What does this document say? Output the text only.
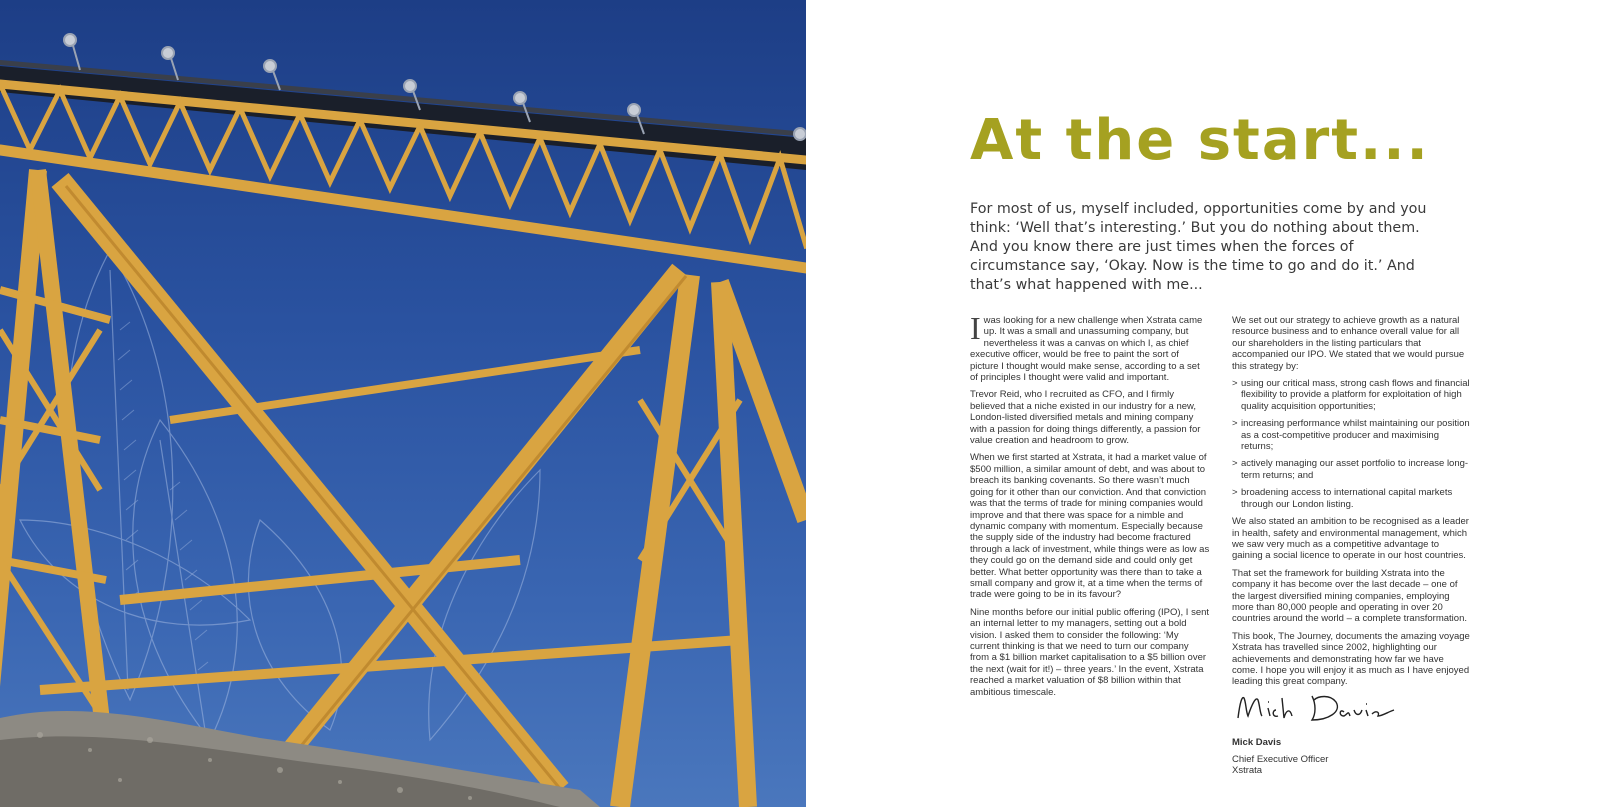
At the start...

For most of us, myself included, opportunities come by and you think: ‘Well that’s interesting.’ But you do nothing about them. And you know there are just times when the forces of circumstance say, ‘Okay. Now is the time to go and do it.’ And that’s what happened with me...

Iwas looking for a new challenge when Xstrata came up. It was a small and unassuming company, but nevertheless it was a canvas on which I, as chief executive officer, would be free to paint the sort of picture I thought would make sense, according to a set of principles I thought were valid and important.

Trevor Reid, who I recruited as CFO, and I firmly believed that a niche existed in our industry for a new, London-listed diversified metals and mining company with a passion for doing things differently, a passion for value creation and headroom to grow.

When we first started at Xstrata, it had a market value of $500 million, a similar amount of debt, and was about to breach its banking covenants. So there wasn’t much going for it other than our conviction. And that conviction was that the terms of trade for mining companies would improve and that there was space for a nimble and dynamic company with momentum. Especially because the supply side of the industry had become fractured through a lack of investment, while things were as low as they could go on the demand side and could only get better. What better opportunity was there than to take a small company and grow it, at a time when the terms of trade were going to be in its favour?

Nine months before our initial public offering (IPO), I sent an internal letter to my managers, setting out a bold vision. I asked them to consider the following: ‘My current thinking is that we need to turn our company from a $1 billion market capitalisation to a $5 billion over the next (wait for it!) – three years.’ In the event, Xstrata reached a market valuation of $8 billion within that ambitious timescale.

We set out our strategy to achieve growth as a natural resource business and to enhance overall value for all our shareholders in the listing particulars that accompanied our IPO. We stated that we would pursue this strategy by:

> using our critical mass, strong cash flows and financial flexibility to provide a platform for exploitation of high quality acquisition opportunities;
> increasing performance whilst maintaining our position as a cost-competitive producer and maximising returns;
> actively managing our asset portfolio to increase long-term returns; and
> broadening access to international capital markets through our London listing.

We also stated an ambition to be recognised as a leader in health, safety and environmental management, which we saw very much as a competitive advantage to gaining a social licence to operate in our host countries.

That set the framework for building Xstrata into the company it has become over the last decade – one of the largest diversified mining companies, employing more than 80,000 people and operating in over 20 countries around the world – a complete transformation.

This book, The Journey, documents the amazing voyage Xstrata has travelled since 2002, highlighting our achievements and demonstrating how far we have come. I hope you will enjoy it as much as I have enjoyed leading this great company.

Mick Davis

Chief Executive Officer
Xstrata
